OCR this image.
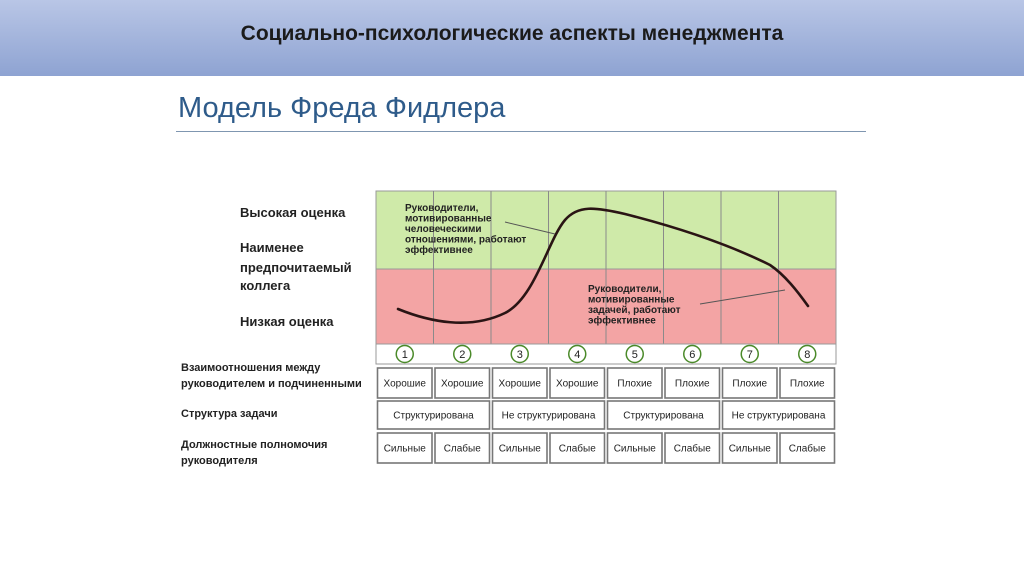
Социально-психологические аспекты менеджмента
Модель Фреда Фидлера
Высокая оценка
Наименее
предпочитаемый
коллега
Низкая оценка
Взаимоотношения между
руководителем и подчиненными
Структура задачи
Должностные полномочия
руководителя
1	2	3	4	5	6	7	8
Руководители,
мотивированные
человеческими
отношениями, работают
эффективнее
Руководители,
мотивированные
задачей, работают
эффективнее
Хорошие Хорошие Хорошие Хорошие Плохие Плохие Плохие Плохие
Структурирована	Не структурирована	Структурирована	Не структурирована
Сильные Слабые Сильные Слабые Сильные Слабые Сильные Слабые
